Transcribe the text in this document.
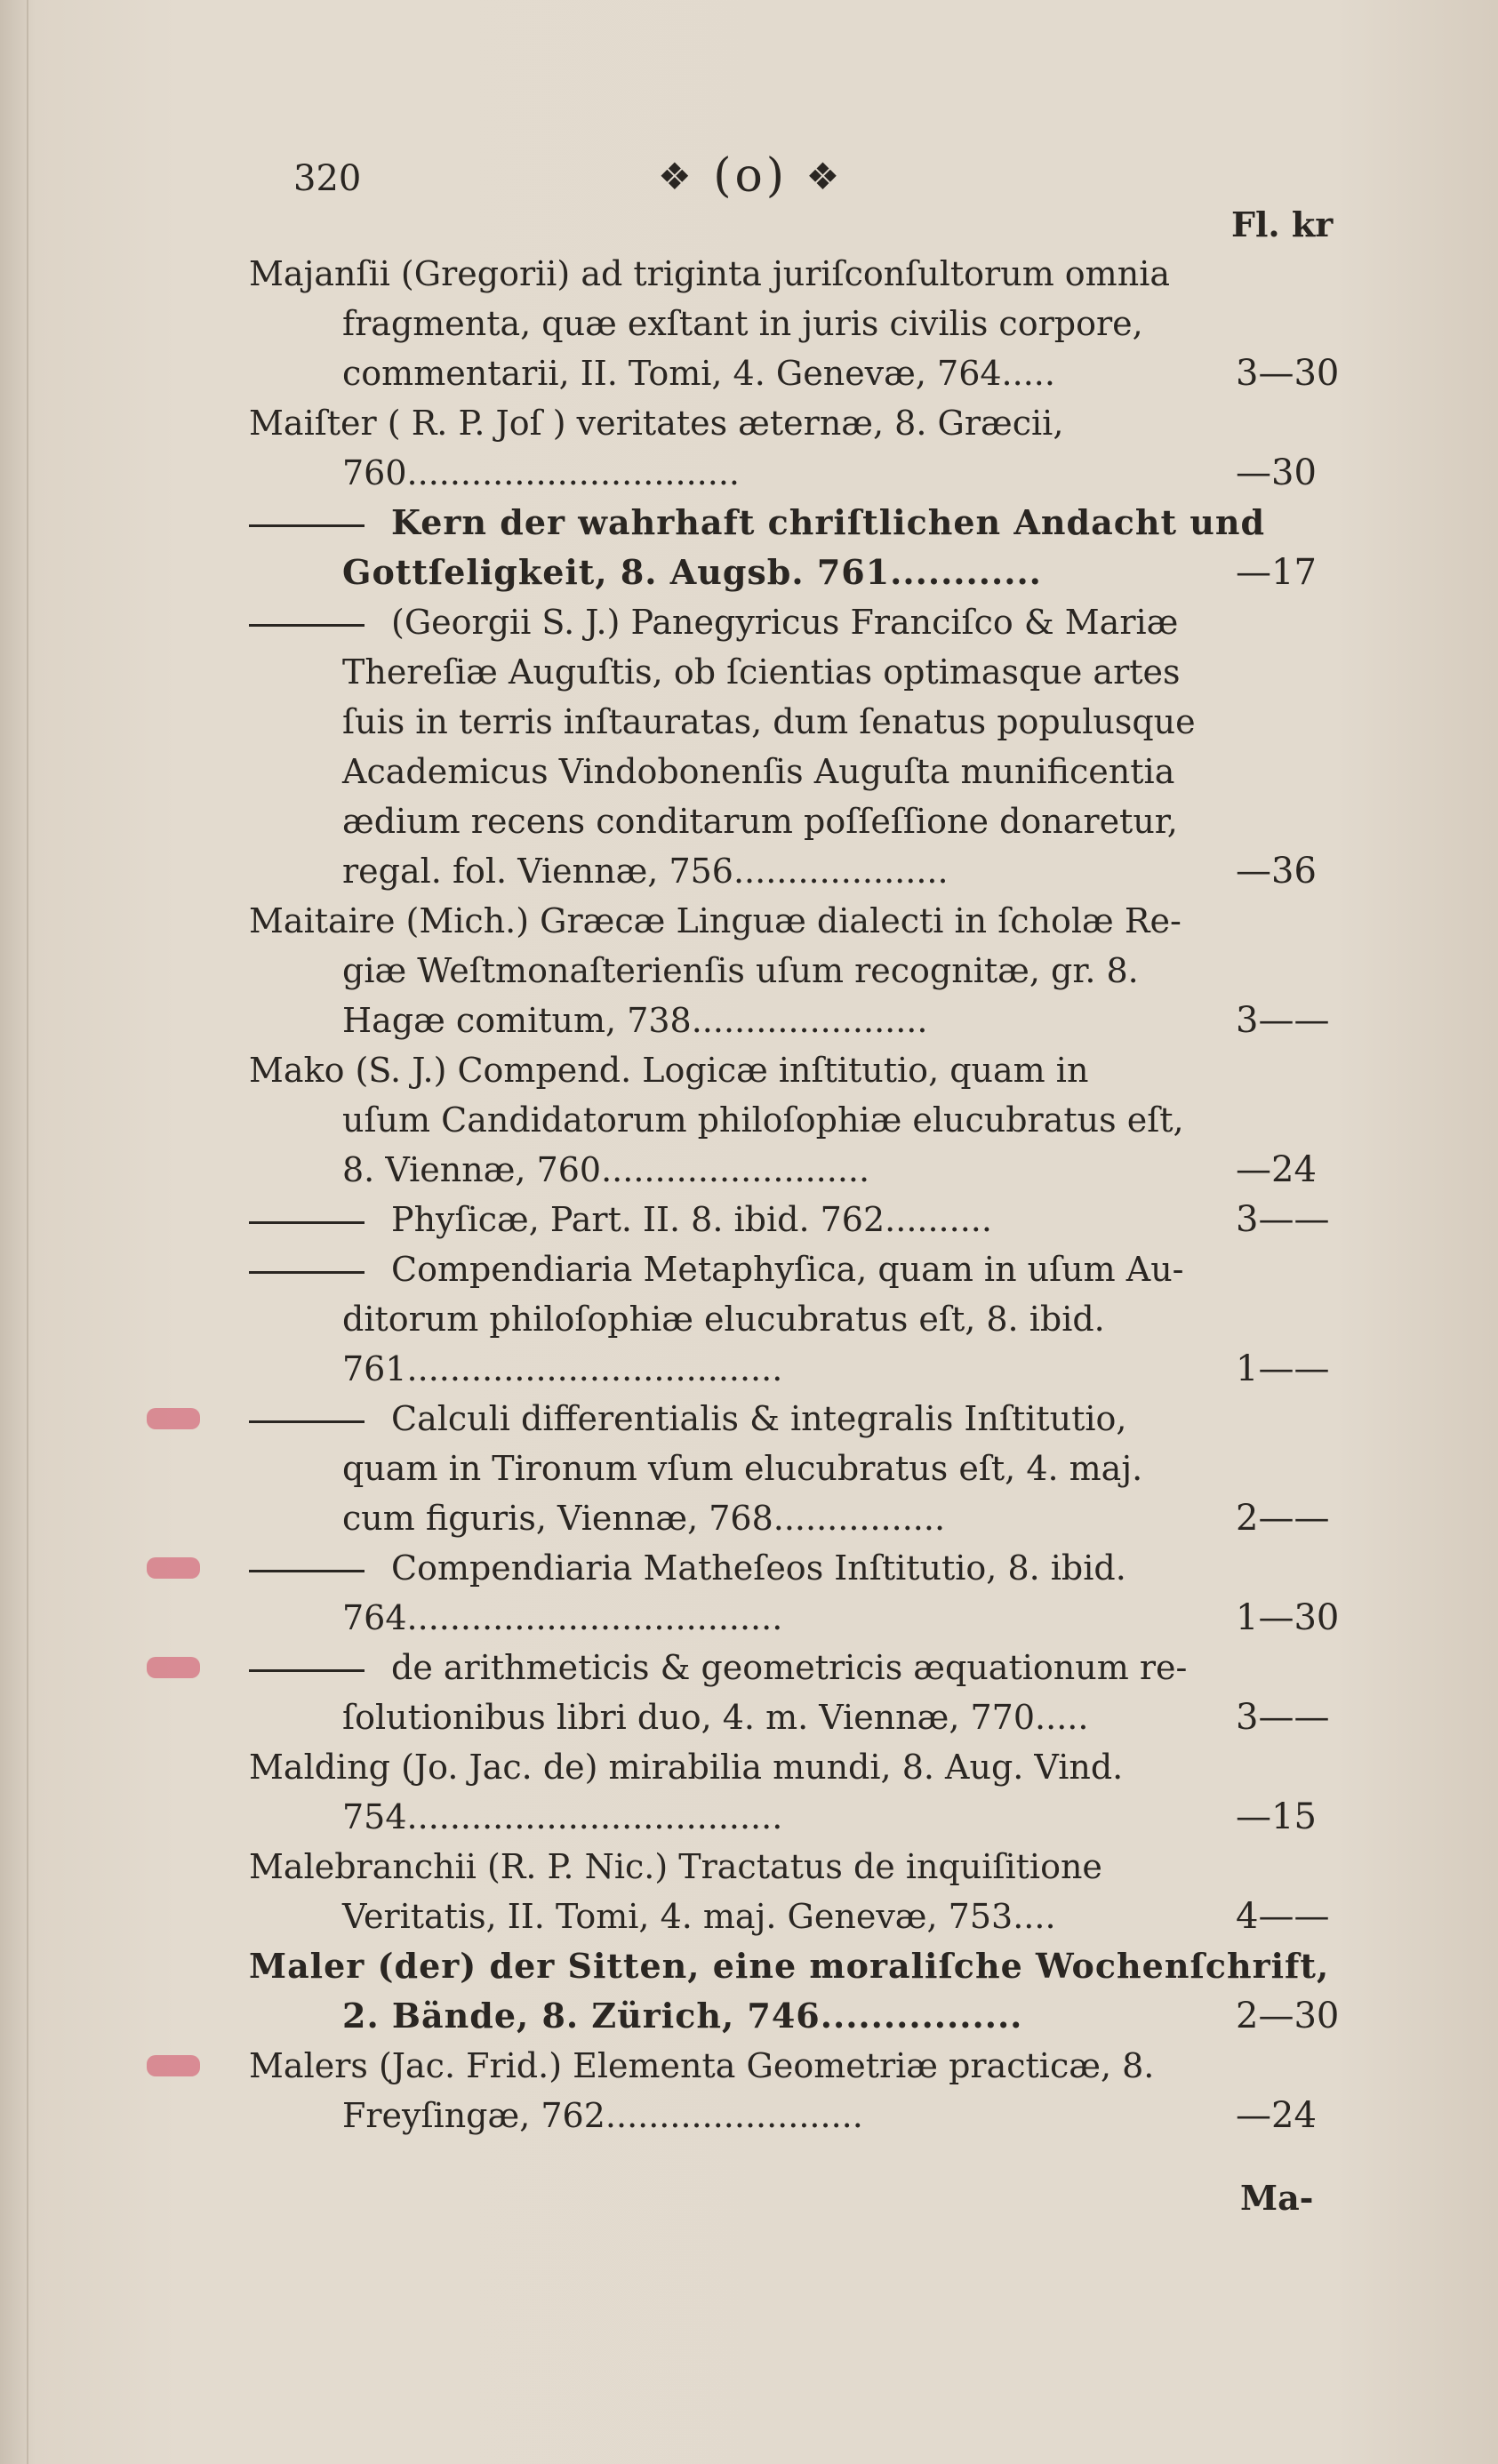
320	❖ (o) ❖
Fl. kr
Majanſii (Gregorii) ad triginta juriſconſultorum omnia
fragmenta, quæ exſtant in juris civilis corpore,
commentarii, II. Tomi, 4. Genevæ, 764.....	3—30
Maiſter ( R. P. Joſ ) veritates æternæ, 8. Græcii,
760...............................	—30
Kern der wahrhaft chriſtlichen Andacht und
Gottſeligkeit, 8. Augsb. 761............	—17
(Georgii S. J.) Panegyricus Franciſco & Mariæ
Thereſiæ Auguſtis, ob ſcientias optimasque artes
ſuis in terris inſtauratas, dum ſenatus populusque
Academicus Vindobonenſis Auguſta munificentia
ædium recens conditarum poſſeſſione donaretur,
regal. fol. Viennæ, 756....................	—36
Maitaire (Mich.) Græcæ Linguæ dialecti in ſcholæ Re-
giæ Weſtmonaſterienſis uſum recognitæ, gr. 8.
Hagæ comitum, 738......................	3——
Mako (S. J.) Compend. Logicæ inſtitutio, quam in
uſum Candidatorum philoſophiæ elucubratus eſt,
8. Viennæ, 760.........................	—24
Phyſicæ, Part. II. 8. ibid. 762..........	3——
Compendiaria Metaphyſica, quam in uſum Au-
ditorum philoſophiæ elucubratus eſt, 8. ibid.
761...................................	1——
Calculi differentialis & integralis Inſtitutio,
quam in Tironum vſum elucubratus eſt, 4. maj.
cum figuris, Viennæ, 768................	2——
Compendiaria Matheſeos Inſtitutio, 8. ibid.
764...................................	1—30
de arithmeticis & geometricis æquationum re-
ſolutionibus libri duo, 4. m. Viennæ, 770.....	3——
Malding (Jo. Jac. de) mirabilia mundi, 8. Aug. Vind.
754...................................	—15
Malebranchii (R. P. Nic.) Tractatus de inquiſitione
Veritatis, II. Tomi, 4. maj. Genevæ, 753....	4——
Maler (der) der Sitten, eine moraliſche Wochenſchrift,
2. Bände, 8. Zürich, 746................	2—30
Malers (Jac. Frid.) Elementa Geometriæ practicæ, 8.
Freyſingæ, 762........................	—24
Ma-
